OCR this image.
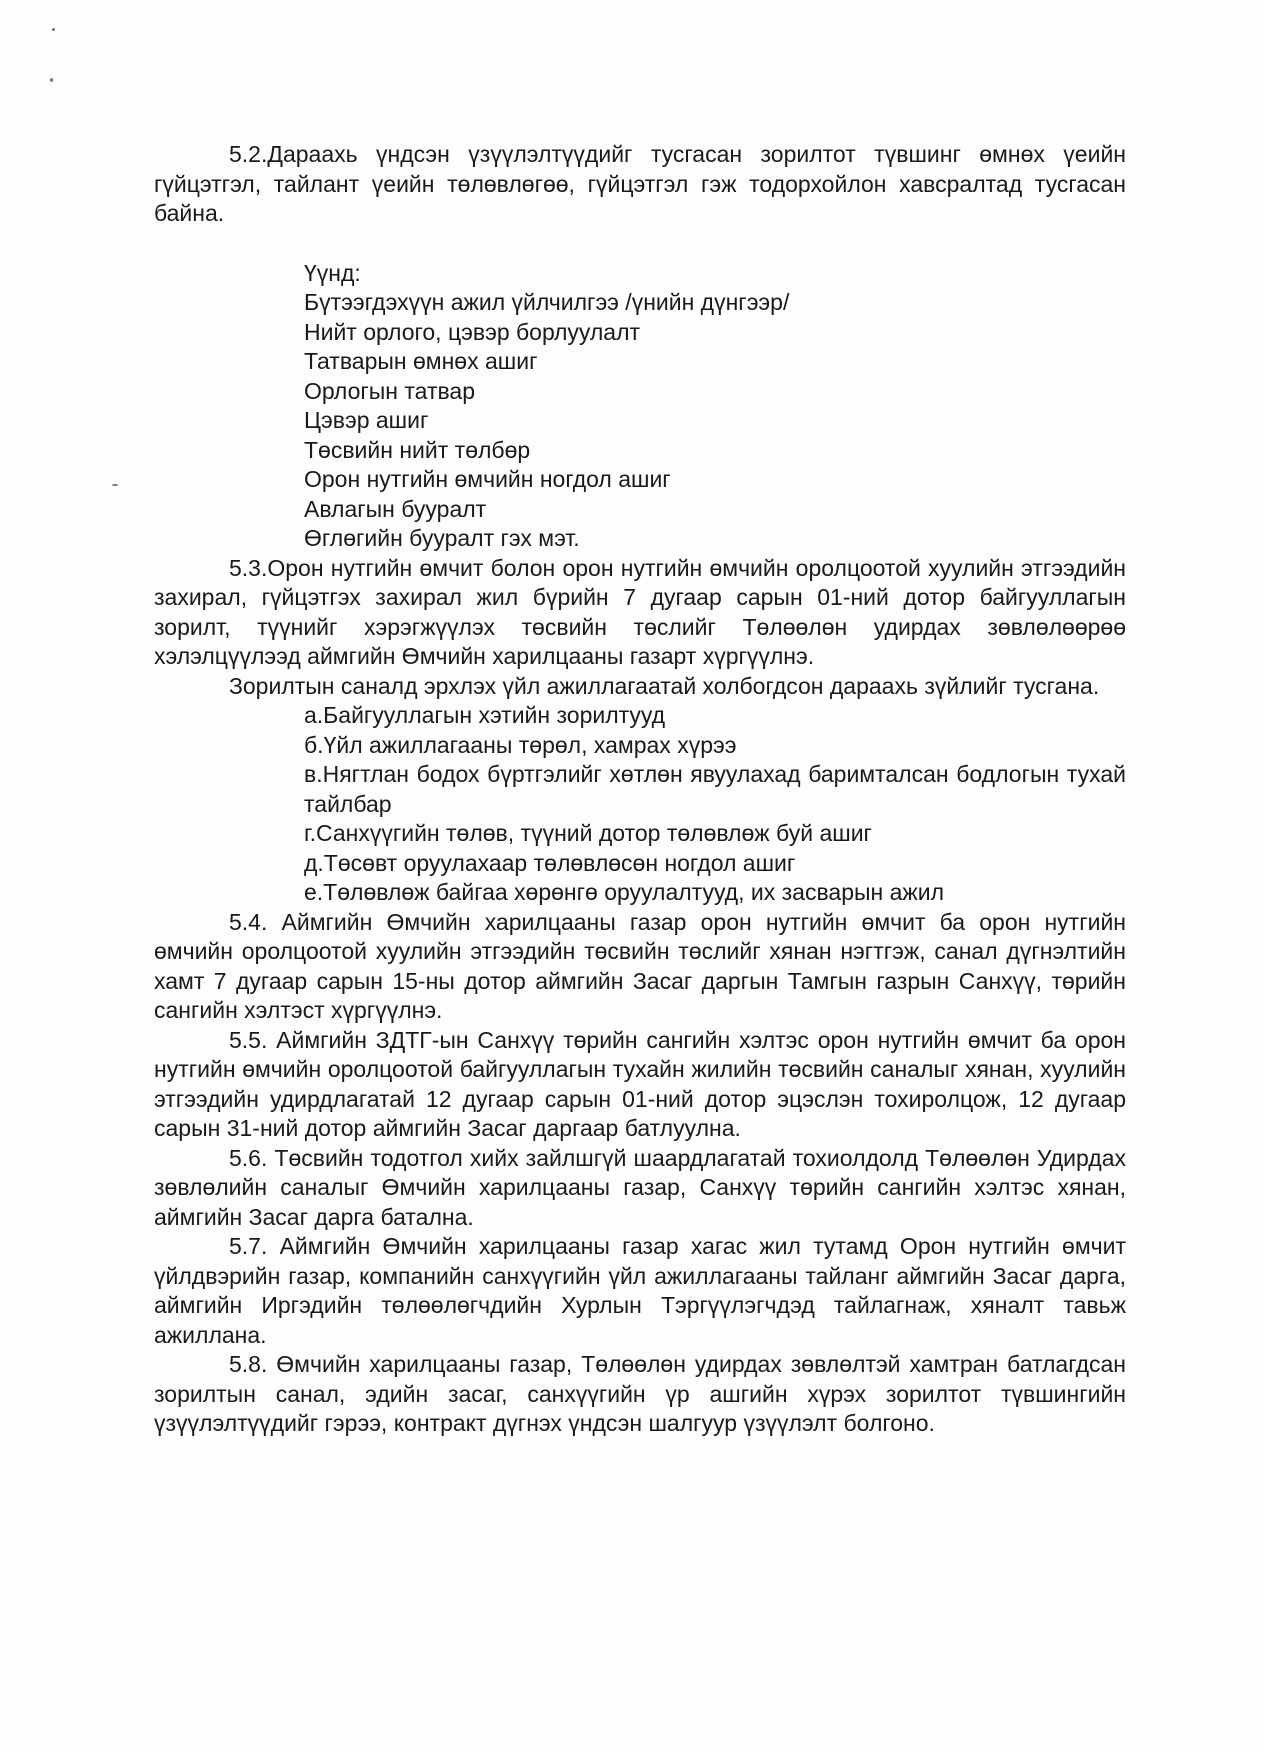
5.2.Дараахь үндсэн үзүүлэлтүүдийг тусгасан зорилтот түвшинг өмнөх үеийн гүйцэтгэл, тайлант үеийн төлөвлөгөө, гүйцэтгэл гэж тодорхойлон хавсралтад тусгасан байна.

Үүнд:
Бүтээгдэхүүн ажил үйлчилгээ /үнийн дүнгээр/
Нийт орлого, цэвэр борлуулалт
Татварын өмнөх ашиг
Орлогын татвар
Цэвэр ашиг
Төсвийн нийт төлбөр
Орон нутгийн өмчийн ногдол ашиг
Авлагын бууралт
Өглөгийн бууралт гэх мэт.

5.3.Орон нутгийн өмчит болон орон нутгийн өмчийн оролцоотой хуулийн этгээдийн захирал, гүйцэтгэх захирал жил бүрийн 7 дугаар сарын 01-ний дотор байгууллагын зорилт, түүнийг хэрэгжүүлэх төсвийн төслийг Төлөөлөн удирдах зөвлөлөөрөө хэлэлцүүлээд аймгийн Өмчийн харилцааны газарт хүргүүлнэ.

Зорилтын саналд эрхлэх үйл ажиллагаатай холбогдсон дараахь зүйлийг тусгана.

а.Байгууллагын хэтийн зорилтууд
б.Үйл ажиллагааны төрөл, хамрах хүрээ
в.Нягтлан бодох бүртгэлийг хөтлөн явуулахад баримталсан бодлогын тухай тайлбар
г.Санхүүгийн төлөв, түүний дотор төлөвлөж буй ашиг
д.Төсөвт оруулахаар төлөвлөсөн ногдол ашиг
е.Төлөвлөж байгаа хөрөнгө оруулалтууд, их засварын ажил

5.4. Аймгийн Өмчийн харилцааны газар орон нутгийн өмчит ба орон нутгийн өмчийн оролцоотой хуулийн этгээдийн төсвийн төслийг хянан нэгтгэж, санал дүгнэлтийн хамт 7 дугаар сарын 15-ны дотор аймгийн Засаг даргын Тамгын газрын Санхүү, төрийн сангийн хэлтэст хүргүүлнэ.

5.5. Аймгийн ЗДТГ-ын Санхүү төрийн сангийн хэлтэс орон нутгийн өмчит ба орон нутгийн өмчийн оролцоотой байгууллагын тухайн жилийн төсвийн саналыг хянан, хуулийн этгээдийн удирдлагатай 12 дугаар сарын 01-ний дотор эцэслэн тохиролцож, 12 дугаар сарын 31-ний дотор аймгийн Засаг даргаар батлуулна.

5.6. Төсвийн тодотгол хийх зайлшгүй шаардлагатай тохиолдолд Төлөөлөн Удирдах зөвлөлийн саналыг Өмчийн харилцааны газар, Санхүү төрийн сангийн хэлтэс хянан, аймгийн Засаг дарга батална.

5.7. Аймгийн Өмчийн харилцааны газар хагас жил тутамд Орон нутгийн өмчит үйлдвэрийн газар, компанийн санхүүгийн үйл ажиллагааны тайланг аймгийн Засаг дарга, аймгийн Иргэдийн төлөөлөгчдийн Хурлын Тэргүүлэгчдэд тайлагнаж, хяналт тавьж ажиллана.

5.8. Өмчийн харилцааны газар, Төлөөлөн удирдах зөвлөлтэй хамтран батлагдсан зорилтын санал, эдийн засаг, санхүүгийн үр ашгийн хүрэх зорилтот түвшингийн үзүүлэлтүүдийг гэрээ, контракт дүгнэх үндсэн шалгуур үзүүлэлт болгоно.
